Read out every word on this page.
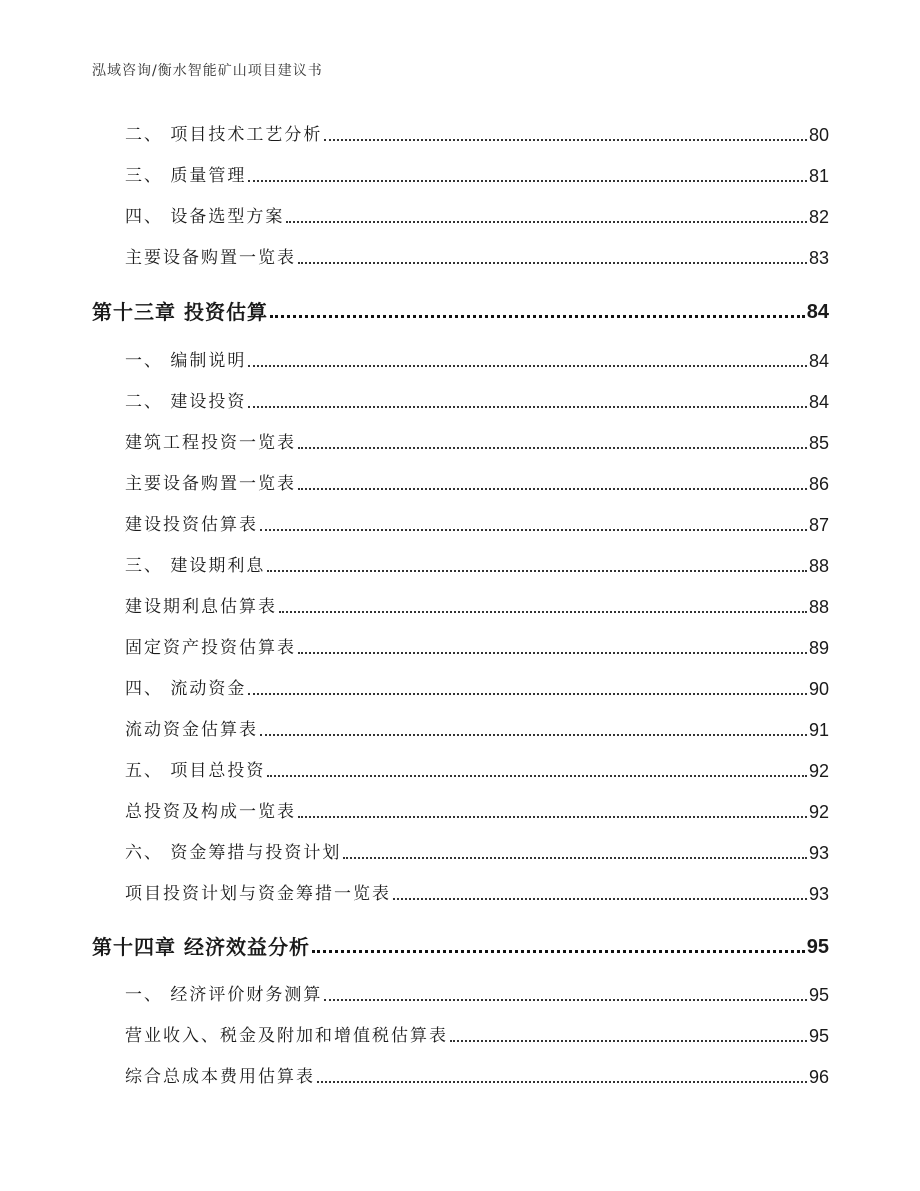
泓域咨询/衡水智能矿山项目建议书
二、 项目技术工艺分析	80
三、 质量管理	81
四、 设备选型方案	82
主要设备购置一览表	83
第十三章 投资估算	84
一、 编制说明	84
二、 建设投资	84
建筑工程投资一览表	85
主要设备购置一览表	86
建设投资估算表	87
三、 建设期利息	88
建设期利息估算表	88
固定资产投资估算表	89
四、 流动资金	90
流动资金估算表	91
五、 项目总投资	92
总投资及构成一览表	92
六、 资金筹措与投资计划	93
项目投资计划与资金筹措一览表	93
第十四章 经济效益分析	95
一、 经济评价财务测算	95
营业收入、税金及附加和增值税估算表	95
综合总成本费用估算表	96
